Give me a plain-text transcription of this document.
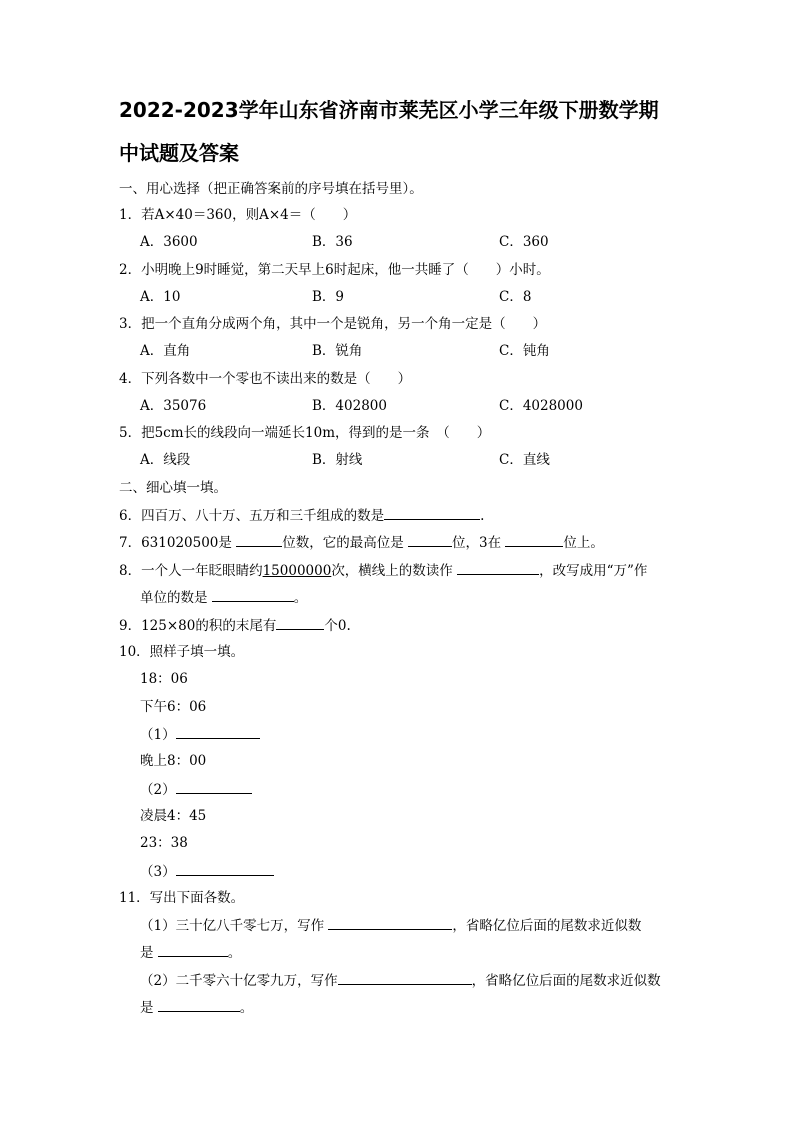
2022-2023学年山东省济南市莱芜区小学三年级下册数学期
中试题及答案
一、用心选择（把正确答案前的序号填在括号里）。
1．若A×40＝360，则A×4＝（　　）
A．3600	B．36	C．360
2．小明晚上9时睡觉，第二天早上6时起床，他一共睡了（　　）小时。
A．10	B．9	C．8
3．把一个直角分成两个角，其中一个是锐角，另一个角一定是（　　）
A．直角	B．锐角	C．钝角
4．下列各数中一个零也不读出来的数是（　　）
A．35076	B．402800	C．4028000
5．把5cm长的线段向一端延长10m，得到的是一条　（　　）
A．线段	B．射线	C．直线
二、细心填一填。
6．四百万、八十万、五万和三千组成的数是	.
7．631020500是	位数，它的最高位是	位，3在	位上。
8．一个人一年眨眼睛约15000000次，横线上的数读作	，改写成用“万”作
单位的数是	。
9．125×80的积的末尾有	个0.
10．照样子填一填。
18：06
下午6：06
（1）
晚上8：00
（2）
凌晨4：45
23：38
（3）
11．写出下面各数。
（1）三十亿八千零七万，写作	，省略亿位后面的尾数求近似数
是	。
（2）二千零六十亿零九万，写作	，省略亿位后面的尾数求近似数
是	。
